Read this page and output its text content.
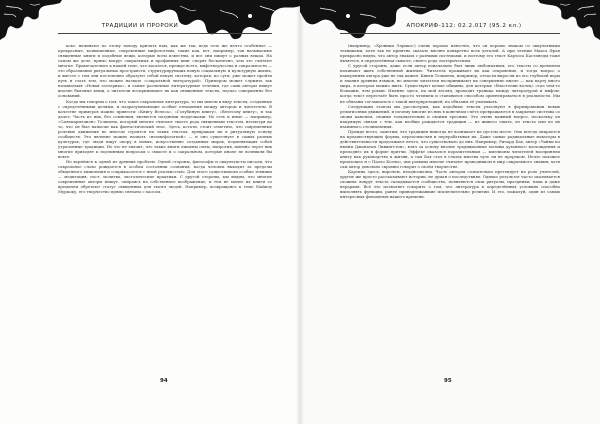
ТРАДИЦИИ И ПРОРОКИ

ком» начинают по этому поводу кричать нам, как же так, ведь есть же нечто особенное — прекрасные, возвышенные, сокровенные мифологемы, такие как, вот, например, так называемые священные книги и подобные вещи, которые всем известны, и все они пишут о разных вещах. На самом же деле, прямо вокруг сакральных и профанных книг спорят бесконечно, чем это считают многие. Примечательно к нашей теме, что касается, прежде всего, мифотворчества и сакральности — это образование ритуальных пространств, структурирующих новую социальную и культурную жизнь, и вместе с тем они постепенно образуют собой некую систему, которая, по сути, уже может пройти путь и стать тем, что можно назвать «сакральной литературой». Примером может служить так называемая «Новая эзотерика», и самые различные литературные течения, где сами авторы пишут вполне бытовые вещи, а читатели воспринимают их как священные тексты, подчас совершенно без оснований.

Когда мы говорим о том, что такое сакральная литература, то мы имеем в виду тексты, созданные с определёнными целями, и подразумевающие особые отношения между автором и читателем. В качестве примеров можно привести «Книгу Велеса», «Голубиную книгу», «Велесову книгу», и так далее. Часть из них, без сомнения, являются поздними подделками. Но есть и иные — например, «Сильмариллион» Толкиена, который многие считают своего рода священным текстом, несмотря на то, что он был написан как фантастический эпос. Здесь, кстати, стоит отметить, что современные ролевые движения во многом строятся на таких текстах, превращая их в ритуальную основу сообществ. Это явление можно назвать «неомифологией» — и оно существует в самых разных культурах, где люди ищут опору в новых, искусственно созданных мирах, подменяющих собой утраченные традиции. Но это не значит, что такие книги лишены силы; напротив, именно через них многие приходят к подлинным вопросам о смысле и о сакральном, которые иначе не возникли бы вовсе.

Но вернёмся к одной из древних проблем. Одной стороны, философы и оккультисты писали, что сакральное слово рождается в особом состоянии сознания, когда человек выходит за пределы обыденного мышления и соприкасается с иной реальностью. Для этого существовали особые техники — медитация, пост, молитва, экстатические практики. С другой стороны, мы видим, что многие современные авторы пишут, опираясь на собственное воображение, и тем не менее их книги со временем обретают статус священных для тысяч людей. Например, возвращаясь к теме Майклу Муркоку, его творчество прямо связано с хаосом.

94
АПОКРИФ-112: 02.2.017 (95.2 кл.)

(например, «Хроники Элрика») очень хорошо известно, что он хорошо знаком со оккультными техниками, хотя так не приятно сказать вполне конкретно всех деталей. А при чтении Макса Фрая прекрасно видно, что автор знаком с разными системами, и поэтому его текст Карлоса Кастанеды тоже является, в определённом смысле, своего рода эзотерическим.

С другой стороны, даже если автор изначально был лишь любопытным, его тексты со временем начинают жить собственной жизнью. Читатель проживает их как откровение, и тогда вопрос о намерениях автора уже не так важен. Книги Толкиена, например, отчасти выросли из его глубокой веры и знания древних языков, но многие читатели воспринимают их совершенно иначе — как карту иного мира, в котором можно жить. Существуют целые общины, для которых «Властелин колец» стал чем-то большим, чем роман. Именно здесь, на мой взгляд, проходит граница между литературой и мифом: когда текст перестаёт быть просто чтением и становится способом ориентироваться в реальности. Мы не обязаны соглашаться с такой интерпретацией, но обязаны её учитывать.

Следующим этапом мы рассмотрим, как подобные тексты участвуют в формировании новых религиозных движений, и почему многие из них в конечном счёте превращаются в закрытые системы со своим каноном, своими толкователями и своими ересями. Это очень важный вопрос, поскольку он напрямую связан с тем, как вообще рождается традиция — из живого опыта, из текста или из их взаимного столкновения.

Прежде всего, заметим, что традиция никогда не возникает на пустом месте. Она всегда опирается на предшествующие формы, переосмысляя и перерабатывая их. Даже самые радикальные новаторы в действительности продолжают нечто, что существовало до них. Например, Ричард Бах, автор «Чайки по имени Джонатан Ливингстон», взял за основу вполне традиционные мотивы духовного восхождения и преподнёс их в форме притчи. Эффект оказался поразительным — миллионы читателей восприняли книгу как руководство к жизни, а сам Бах стал в глазах многих чуть ли не пророком. Нечто похожее произошло и с Паоло Коэльо, чьи романы многие считают проводником в мир сакрального знания, хотя сам автор довольно скромно говорит о своём творчестве.

Картина здесь, впрочем, неоднозначна. Часть авторов сознательно претендует на роль учителей, другие же просто рассказывают истории, не думая о последствиях. Однако результат часто оказывается схожим: вокруг текста складывается сообщество, появляются свои ритуалы, праздники, язык и даже иерархия. Всё это позволяет говорить о том, что литература в определённых условиях способна выполнять функции, ранее принадлежавшие исключительно религии. И это, пожалуй, один из самых интересных феноменов нашего времени.

95
